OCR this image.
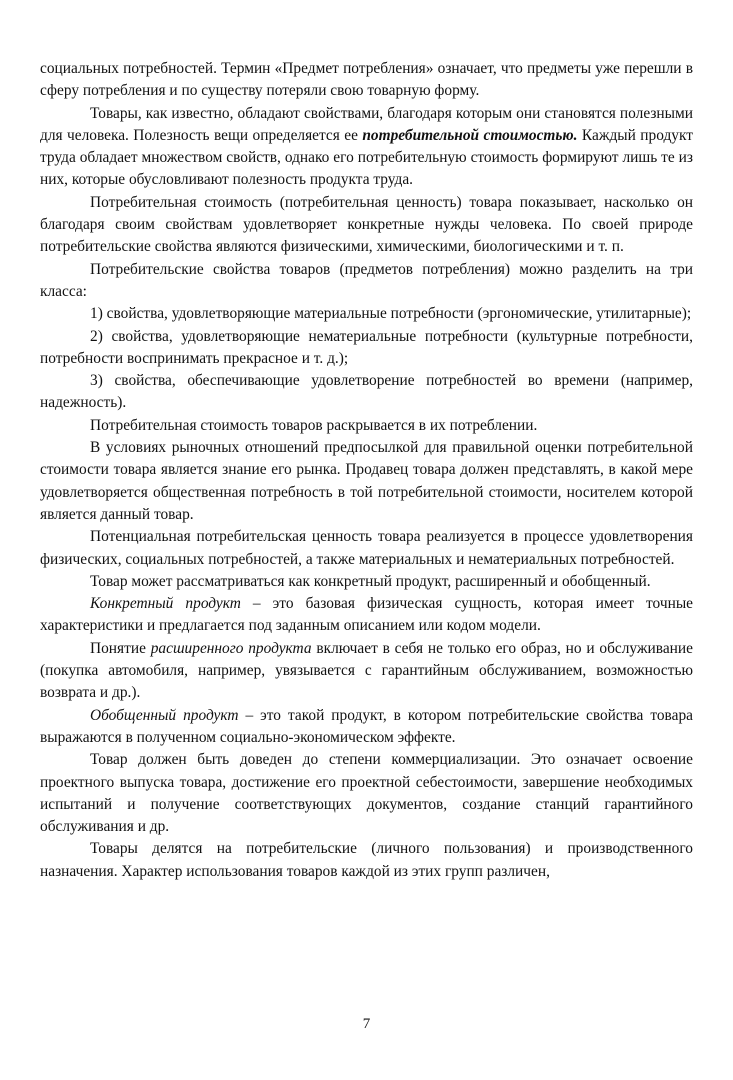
социальных потребностей. Термин «Предмет потребления» означает, что предметы уже перешли в сферу потребления и по существу потеряли свою товарную форму.

Товары, как известно, обладают свойствами, благодаря которым они становятся полезными для человека. Полезность вещи определяется ее потребительной стоимостью. Каждый продукт труда обладает множеством свойств, однако его потребительную стоимость формируют лишь те из них, которые обусловливают полезность продукта труда.

Потребительная стоимость (потребительная ценность) товара показывает, насколько он благодаря своим свойствам удовлетворяет конкретные нужды человека. По своей природе потребительские свойства являются физическими, химическими, биологическими и т. п.

Потребительские свойства товаров (предметов потребления) можно разделить на три класса:

1) свойства, удовлетворяющие материальные потребности (эргономические, утилитарные);

2) свойства, удовлетворяющие нематериальные потребности (культурные потребности, потребности воспринимать прекрасное и т. д.);

3) свойства, обеспечивающие удовлетворение потребностей во времени (например, надежность).

Потребительная стоимость товаров раскрывается в их потреблении.

В условиях рыночных отношений предпосылкой для правильной оценки потребительной стоимости товара является знание его рынка. Продавец товара должен представлять, в какой мере удовлетворяется общественная потребность в той потребительной стоимости, носителем которой является данный товар.

Потенциальная потребительская ценность товара реализуется в процессе удовлетворения физических, социальных потребностей, а также материальных и нематериальных потребностей.

Товар может рассматриваться как конкретный продукт, расширенный и обобщенный.

Конкретный продукт – это базовая физическая сущность, которая имеет точные характеристики и предлагается под заданным описанием или кодом модели.

Понятие расширенного продукта включает в себя не только его образ, но и обслуживание (покупка автомобиля, например, увязывается с гарантийным обслуживанием, возможностью возврата и др.).

Обобщенный продукт – это такой продукт, в котором потребительские свойства товара выражаются в полученном социально-экономическом эффекте.

Товар должен быть доведен до степени коммерциализации. Это означает освоение проектного выпуска товара, достижение его проектной себестоимости, завершение необходимых испытаний и получение соответствующих документов, создание станций гарантийного обслуживания и др.

Товары делятся на потребительские (личного пользования) и производственного назначения. Характер использования товаров каждой из этих групп различен,

7
